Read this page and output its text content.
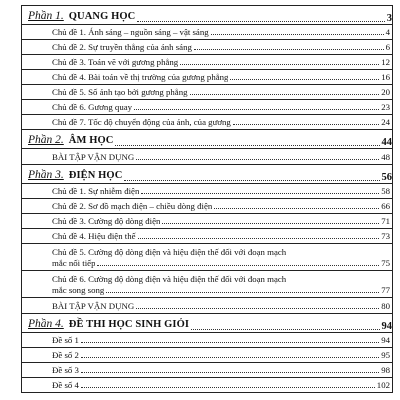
Phần 1. QUANG HỌC	3

Chủ đề 1. Ánh sáng – nguồn sáng – vật sáng	4

Chủ đề 2. Sự truyền thẳng của ánh sáng	6

Chủ đề 3. Toán vẽ với gương phẳng	12

Chủ đề 4. Bài toán về thị trường của gương phẳng	16

Chủ đề 5. Số ảnh tạo bởi gương phẳng	20

Chủ đề 6. Gương quay	23

Chủ đề 7. Tốc độ chuyển động của ảnh, của gương	24

Phần 2. ÂM HỌC	44

BÀI TẬP VẬN DỤNG	48

Phần 3. ĐIỆN HỌC	56

Chủ đề 1. Sự nhiễm điện	58

Chủ đề 2. Sơ đồ mạch điện – chiều dòng điện	66

Chủ đề 3. Cường độ dòng điện	71

Chủ đề 4. Hiệu điện thế	73

Chủ đề 5. Cường độ dòng điện và hiệu điện thế đối với đoạn mạch
mắc nối tiếp	75

Chủ đề 6. Cường độ dòng điện và hiệu điện thế đối với đoạn mạch
mắc song song	77

BÀI TẬP VẬN DỤNG	80

Phần 4. ĐỀ THI HỌC SINH GIỎI	94

Đề số 1	94

Đề số 2	95

Đề số 3	98

Đề số 4	102
